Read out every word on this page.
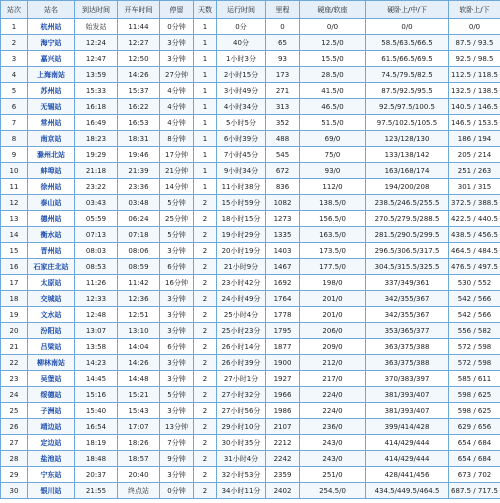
站次	站名	到达时间	开车时间	停留	天数	运行时间	里程	硬座/软座	硬卧上/中/下	软卧上/下
1	杭州站	始发站	11:44	0分钟	1	0分	0	0/0	0/0	0/0
2	海宁站	12:24	12:27	3分钟	1	40分	65	12.5/0	58.5/63.5/66.5	87.5 / 93.5
3	嘉兴站	12:47	12:50	3分钟	1	1小时3分	93	15.5/0	61.5/66.5/69.5	92.5 / 98.5
4	上海南站	13:59	14:26	27分钟	1	2小时15分	173	28.5/0	74.5/79.5/82.5	112.5 / 118.5
5	苏州站	15:33	15:37	4分钟	1	3小时49分	271	41.5/0	87.5/92.5/95.5	132.5 / 138.5
6	无锡站	16:18	16:22	4分钟	1	4小时34分	313	46.5/0	92.5/97.5/100.5	140.5 / 146.5
7	常州站	16:49	16:53	4分钟	1	5小时5分	352	51.5/0	97.5/102.5/105.5	146.5 / 153.5
8	南京站	18:23	18:31	8分钟	1	6小时39分	488	69/0	123/128/130	186 / 194
9	滁州北站	19:29	19:46	17分钟	1	7小时45分	545	75/0	133/138/142	205 / 214
10	蚌埠站	21:18	21:39	21分钟	1	9小时34分	672	93/0	163/168/174	251 / 263
11	徐州站	23:22	23:36	14分钟	1	11小时38分	836	112/0	194/200/208	301 / 315
12	泰山站	03:43	03:48	5分钟	2	15小时59分	1082	138.5/0	238.5/246.5/255.5	372.5 / 388.5
13	德州站	05:59	06:24	25分钟	2	18小时15分	1273	156.5/0	270.5/279.5/288.5	422.5 / 440.5
14	衡水站	07:13	07:18	5分钟	2	19小时29分	1335	163.5/0	281.5/290.5/299.5	438.5 / 456.5
15	晋州站	08:03	08:06	3分钟	2	20小时19分	1403	173.5/0	296.5/306.5/317.5	464.5 / 484.5
16	石家庄北站	08:53	08:59	6分钟	2	21小时9分	1467	177.5/0	304.5/315.5/325.5	476.5 / 497.5
17	太原站	11:26	11:42	16分钟	2	23小时42分	1692	198/0	337/349/361	530 / 552
18	交城站	12:33	12:36	3分钟	2	24小时49分	1764	201/0	342/355/367	542 / 566
19	文水站	12:48	12:51	3分钟	2	25小时4分	1778	201/0	342/355/367	542 / 566
20	汾阳站	13:07	13:10	3分钟	2	25小时23分	1795	206/0	353/365/377	556 / 582
21	吕梁站	13:58	14:04	6分钟	2	26小时14分	1877	209/0	363/375/388	572 / 598
22	柳林南站	14:23	14:26	3分钟	2	26小时39分	1900	212/0	363/375/388	572 / 598
23	吴堡站	14:45	14:48	3分钟	2	27小时1分	1927	217/0	370/383/397	585 / 611
24	绥德站	15:16	15:21	5分钟	2	27小时32分	1966	224/0	381/393/407	598 / 625
25	子洲站	15:40	15:43	3分钟	2	27小时56分	1986	224/0	381/393/407	598 / 625
26	靖边站	16:54	17:07	13分钟	2	29小时10分	2107	236/0	399/414/428	629 / 656
27	定边站	18:19	18:26	7分钟	2	30小时35分	2212	243/0	414/429/444	654 / 684
28	盐池站	18:48	18:57	9分钟	2	31小时4分	2242	243/0	414/429/444	654 / 684
29	宁东站	20:37	20:40	3分钟	2	32小时53分	2359	251/0	428/441/456	673 / 702
30	银川站	21:55	终点站	0分钟	2	34小时11分	2402	254.5/0	434.5/449.5/464.5	687.5 / 717.5
